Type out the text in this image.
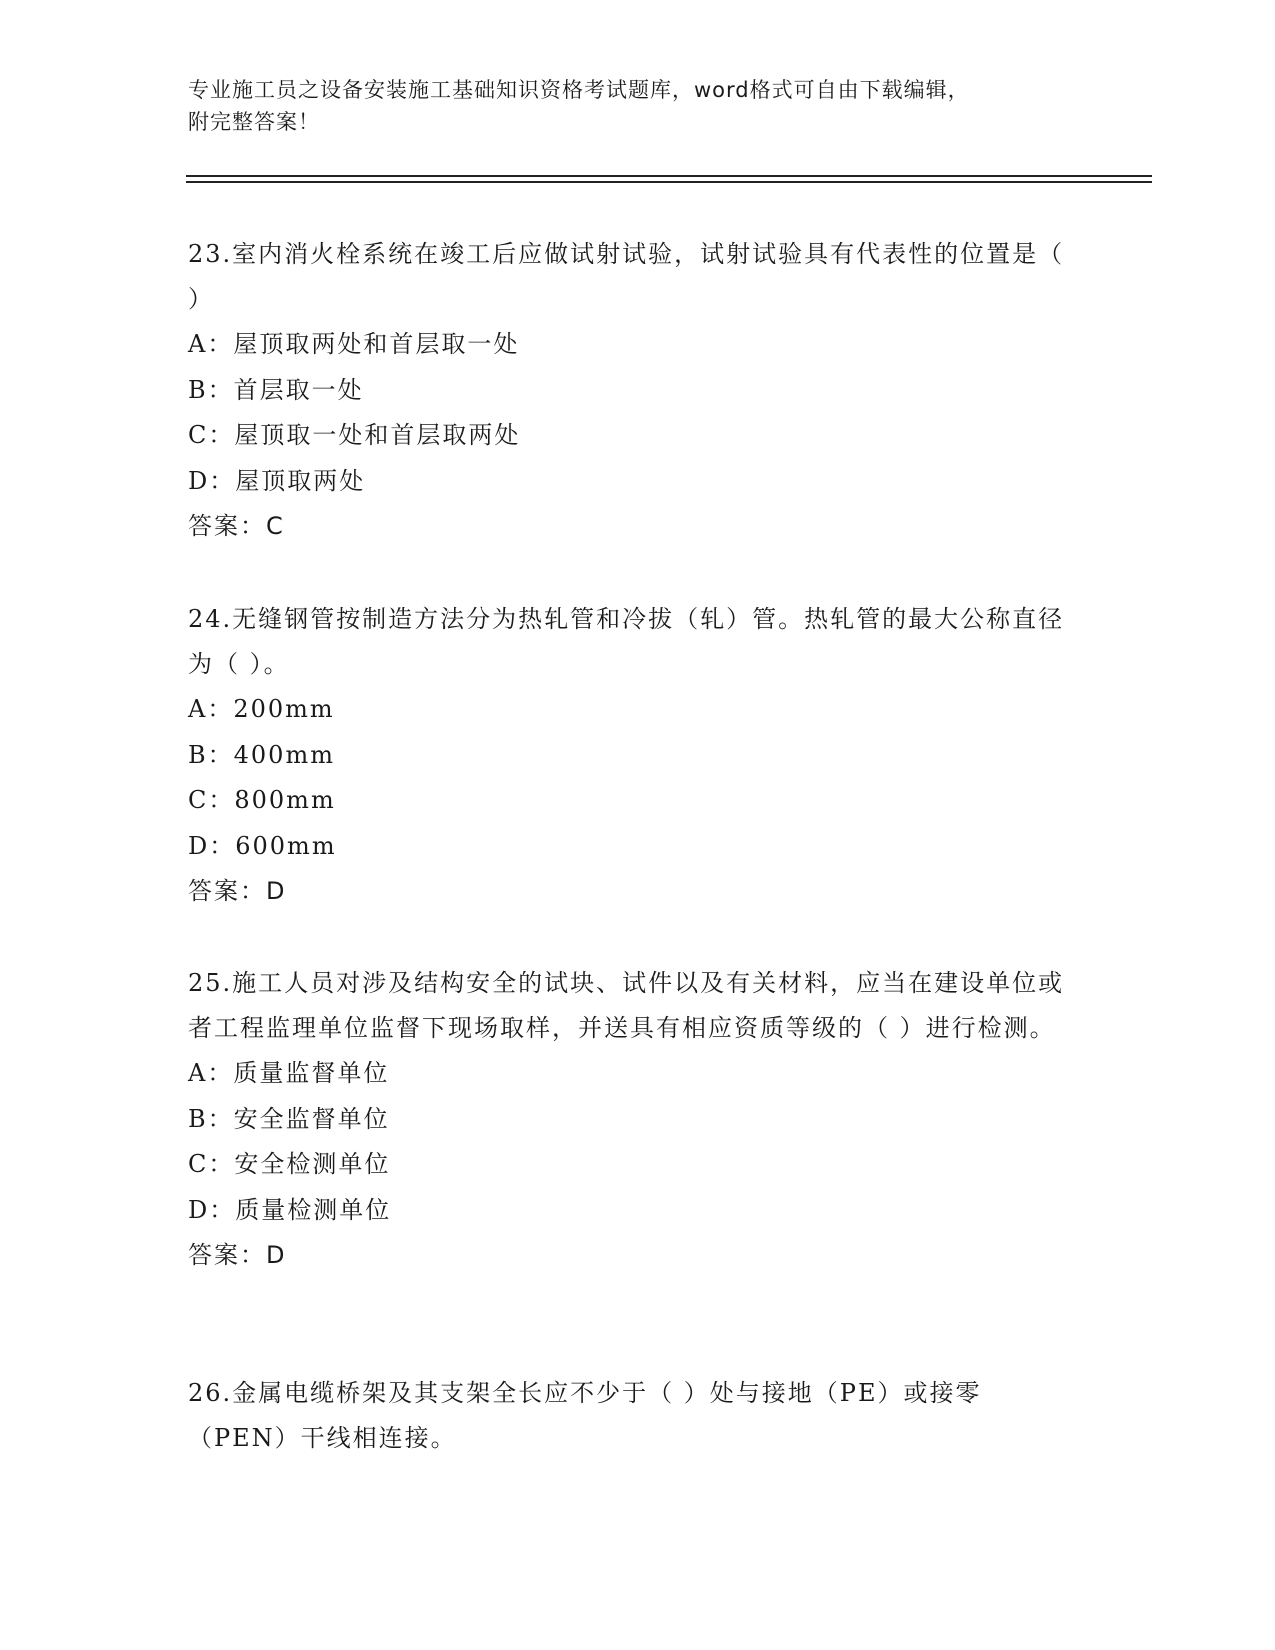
专业施工员之设备安装施工基础知识资格考试题库，word格式可自由下载编辑，
附完整答案！

23.室内消火栓系统在竣工后应做试射试验，试射试验具有代表性的位置是（ ）

A：屋顶取两处和首层取一处
B：首层取一处
C：屋顶取一处和首层取两处
D：屋顶取两处

答案：C

24.无缝钢管按制造方法分为热轧管和冷拔（轧）管。热轧管的最大公称直径为（ ）。

A：200mm
B：400mm
C：800mm
D：600mm

答案：D

25.施工人员对涉及结构安全的试块、试件以及有关材料，应当在建设单位或者工程监理单位监督下现场取样，并送具有相应资质等级的（ ）进行检测。

A：质量监督单位
B：安全监督单位
C：安全检测单位
D：质量检测单位

答案：D

26.金属电缆桥架及其支架全长应不少于（ ）处与接地（PE）或接零（PEN）干线相连接。
